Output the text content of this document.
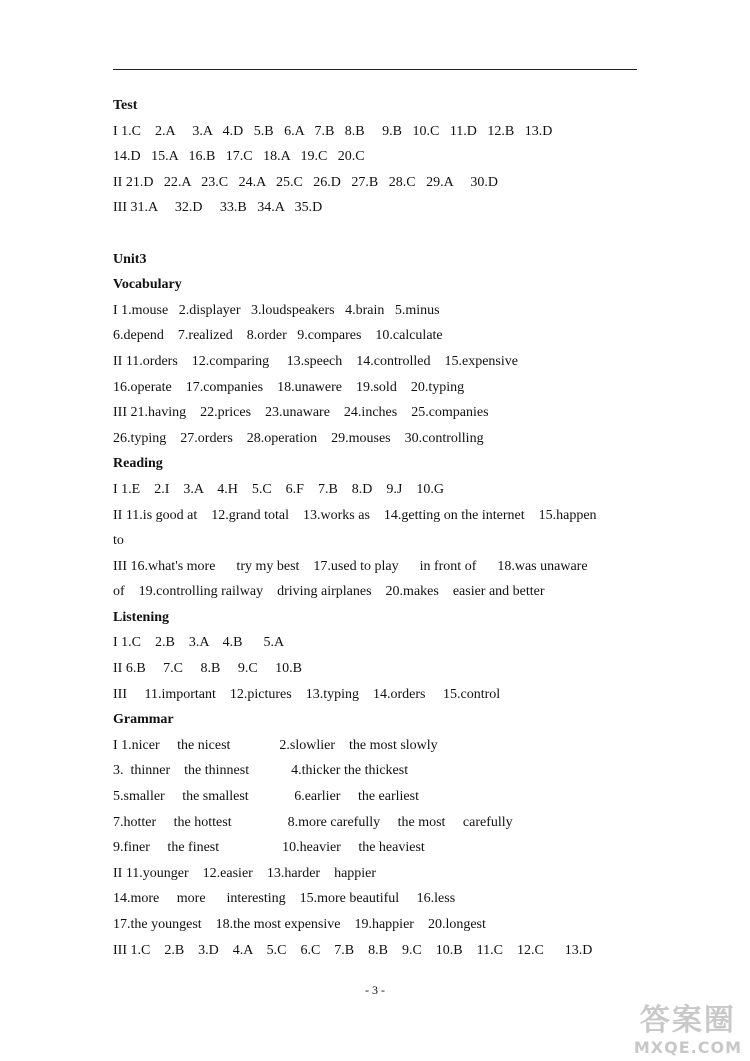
Test
I 1.C    2.A     3.A   4.D   5.B   6.A   7.B   8.B     9.B   10.C   11.D   12.B   13.D
14.D   15.A   16.B   17.C   18.A   19.C   20.C
II 21.D   22.A   23.C   24.A   25.C   26.D   27.B   28.C   29.A     30.D
III 31.A     32.D     33.B   34.A   35.D
Unit3
Vocabulary
I 1.mouse   2.displayer   3.loudspeakers   4.brain   5.minus
6.depend    7.realized    8.order   9.compares    10.calculate
II 11.orders    12.comparing     13.speech    14.controlled    15.expensive
16.operate    17.companies    18.unawere    19.sold    20.typing
III 21.having    22.prices    23.unaware    24.inches    25.companies
26.typing    27.orders    28.operation    29.mouses    30.controlling
Reading
I 1.E    2.I    3.A    4.H    5.C    6.F    7.B    8.D    9.J    10.G
II 11.is good at    12.grand total    13.works as    14.getting on the internet    15.happen
to
III 16.what's more      try my best    17.used to play      in front of      18.was unaware
of    19.controlling railway    driving airplanes    20.makes    easier and better
Listening
I 1.C    2.B    3.A    4.B      5.A
II 6.B     7.C     8.B     9.C     10.B
III     11.important    12.pictures    13.typing    14.orders     15.control
Grammar
I 1.nicer     the nicest              2.slowlier    the most slowly
3.  thinner    the thinnest            4.thicker the thickest
5.smaller     the smallest             6.earlier     the earliest
7.hotter     the hottest                8.more carefully     the most     carefully
9.finer     the finest                  10.heavier     the heaviest
II 11.younger    12.easier    13.harder    happier
14.more     more      interesting    15.more beautiful     16.less
17.the youngest    18.the most expensive    19.happier    20.longest
III 1.C    2.B    3.D    4.A    5.C    6.C    7.B    8.B    9.C    10.B    11.C    12.C      13.D
- 3 -
答案圈
MXQE.COM
